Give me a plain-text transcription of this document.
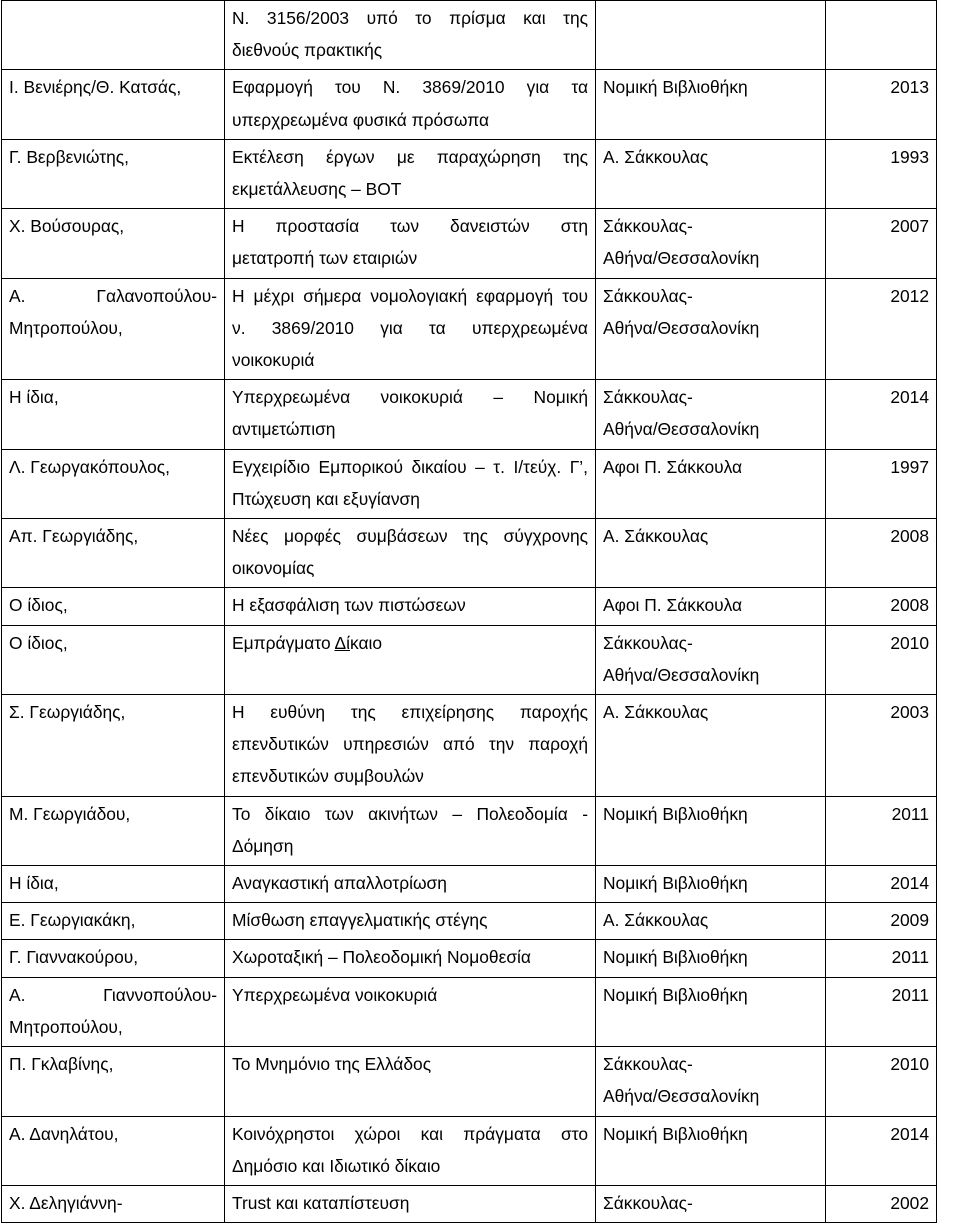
	Ν. 3156/2003 υπό το πρίσμα και της
διεθνούς πρακτικής		

Ι. Βενιέρης/Θ. Κατσάς,	Εφαρμογή του Ν. 3869/2010 για τα
υπερχρεωμένα φυσικά πρόσωπα	Νομική Βιβλιοθήκη	2013

Γ. Βερβενιώτης,	Εκτέλεση έργων με παραχώρηση της
εκμετάλλευσης – ΒΟΤ	Α. Σάκκουλας	1993

Χ. Βούσουρας,	Η προστασία των δανειστών στη
μετατροπή των εταιριών	Σάκκουλας-
Αθήνα/Θεσσαλονίκη	2007

Α. Γαλανοπούλου-
Μητροπούλου,	Η μέχρι σήμερα νομολογιακή εφαρμογή του
ν. 3869/2010 για τα υπερχρεωμένα
νοικοκυριά	Σάκκουλας-
Αθήνα/Θεσσαλονίκη	2012

Η ίδια,	Υπερχρεωμένα νοικοκυριά – Νομική
αντιμετώπιση	Σάκκουλας-
Αθήνα/Θεσσαλονίκη	2014

Λ. Γεωργακόπουλος,	Εγχειρίδιο Εμπορικού δικαίου – τ. Ι/τεύχ. Γ’,
Πτώχευση και εξυγίανση	Αφοι Π. Σάκκουλα	1997

Απ. Γεωργιάδης,	Νέες μορφές συμβάσεων της σύγχρονης
οικονομίας	Α. Σάκκουλας	2008

Ο ίδιος,	Η εξασφάλιση των πιστώσεων	Αφοι Π. Σάκκουλα	2008

Ο ίδιος,	Εμπράγματο Δίκαιο	Σάκκουλας-
Αθήνα/Θεσσαλονίκη	2010

Σ. Γεωργιάδης,	Η ευθύνη της επιχείρησης παροχής
επενδυτικών υπηρεσιών από την παροχή
επενδυτικών συμβουλών	Α. Σάκκουλας	2003

Μ. Γεωργιάδου,	Το δίκαιο των ακινήτων – Πολεοδομία -
Δόμηση	Νομική Βιβλιοθήκη	2011

Η ίδια,	Αναγκαστική απαλλοτρίωση	Νομική Βιβλιοθήκη	2014

Ε. Γεωργιακάκη,	Μίσθωση επαγγελματικής στέγης	Α. Σάκκουλας	2009

Γ. Γιαννακούρου,	Χωροταξική – Πολεοδομική Νομοθεσία	Νομική Βιβλιοθήκη	2011

Α. Γιαννοπούλου-
Μητροπούλου,	Υπερχρεωμένα νοικοκυριά	Νομική Βιβλιοθήκη	2011

Π. Γκλαβίνης,	Το Μνημόνιο της Ελλάδος	Σάκκουλας-
Αθήνα/Θεσσαλονίκη	2010

Α. Δανηλάτου,	Κοινόχρηστοι χώροι και πράγματα στο
Δημόσιο και Ιδιωτικό δίκαιο	Νομική Βιβλιοθήκη	2014

Χ. Δεληγιάννη-	Trust και καταπίστευση	Σάκκουλας-	2002
